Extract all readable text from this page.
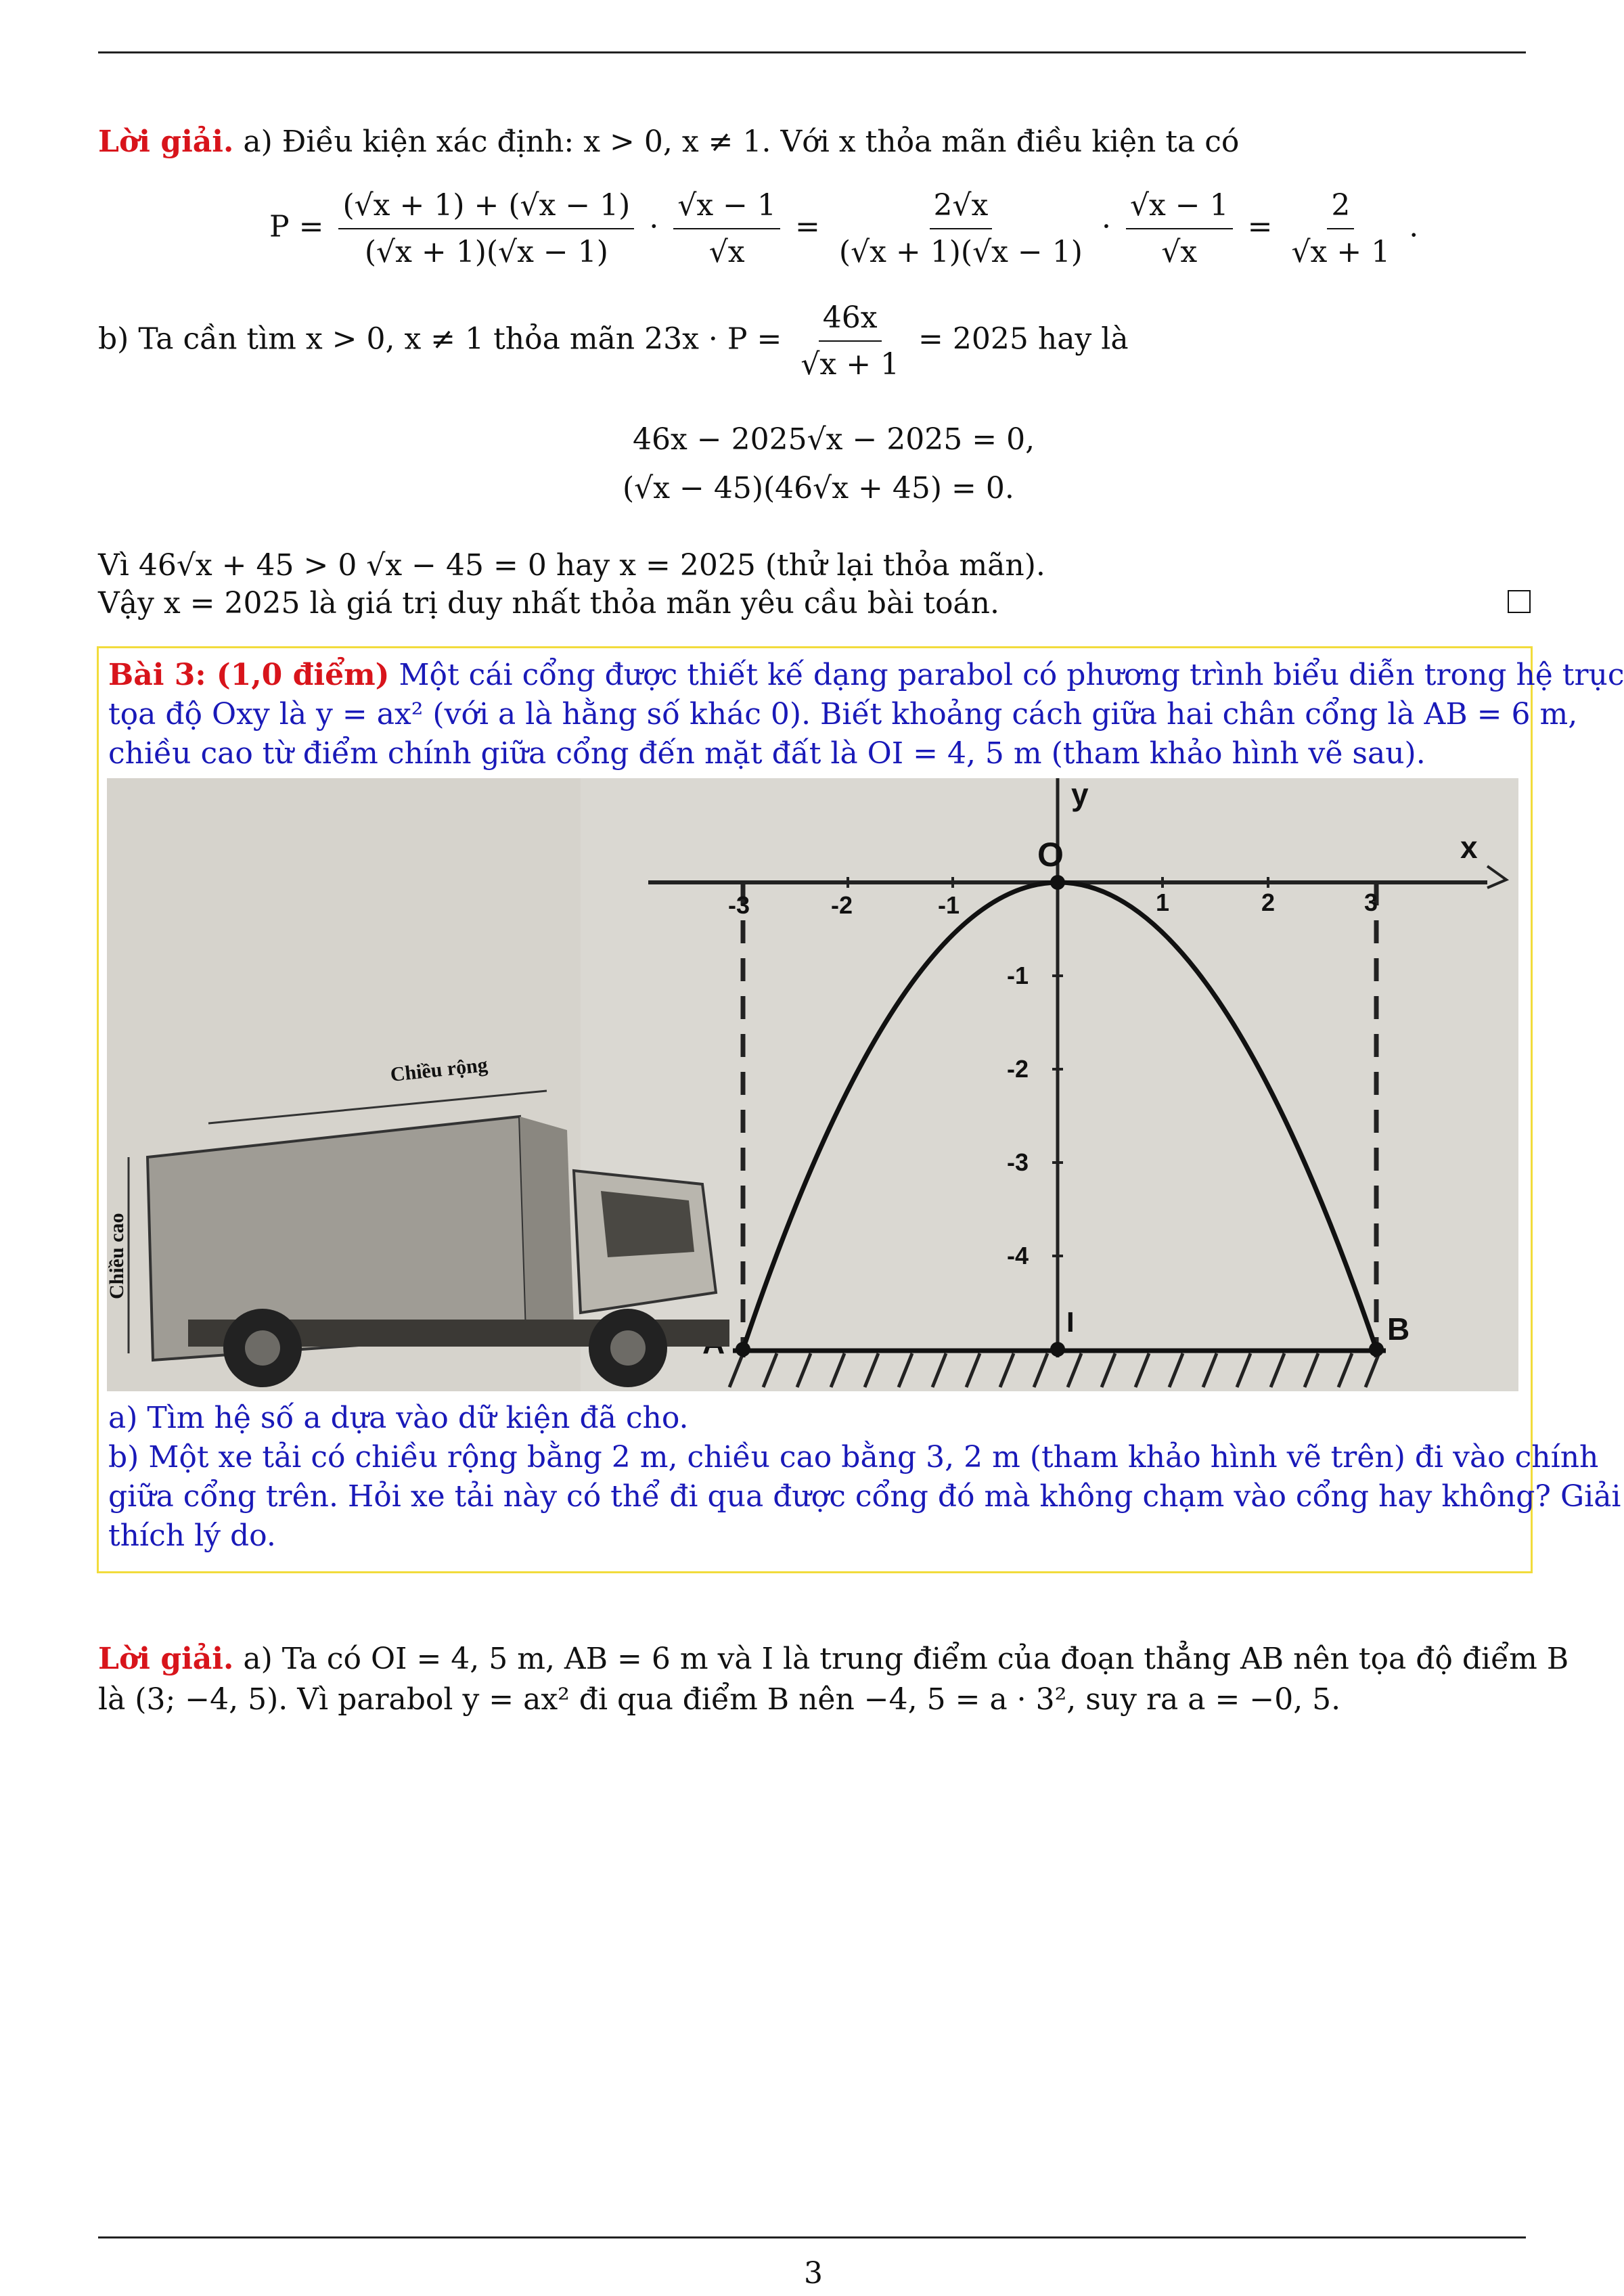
Lời giải. a) Điều kiện xác định: x > 0, x ≠ 1. Với x thỏa mãn điều kiện ta có
$P = \frac{(√x + 1) + (√x - 1)}{(√x + 1)(√x - 1)} \cdot \frac{√x - 1}{√x} = \frac{2√x}{(√x + 1)(√x - 1)} \cdot \frac{√x - 1}{√x} = \frac{2}{√x + 1}$ .
b) Ta cần tìm x > 0, x ≠ 1 thỏa mãn $23x \cdot P = \frac{46x}{√x + 1} = 2025$ hay là
46x − 2025√x − 2025 = 0,
(√x − 45)(46√x + 45) = 0.
Vì 46√x + 45 > 0 √x − 45 = 0 hay x = 2025 (thử lại thỏa mãn).
Vậy x = 2025 là giá trị duy nhất thỏa mãn yêu cầu bài toán.
Bài 3: (1,0 điểm) Một cái cổng được thiết kế dạng parabol có phương trình biểu diễn trong hệ trục
tọa độ Oxy là y = ax² (với a là hằng số khác 0). Biết khoảng cách giữa hai chân cổng là AB = 6 m,
chiều cao từ điểm chính giữa cổng đến mặt đất là OI = 4, 5 m (tham khảo hình vẽ sau).
y
x
O
-3	-2	-1	1	2	3
-1
-2
-3
-4
B
I
Chiều rộng
Chiều cao
a) Tìm hệ số a dựa vào dữ kiện đã cho.
b) Một xe tải có chiều rộng bằng 2 m, chiều cao bằng 3, 2 m (tham khảo hình vẽ trên) đi vào chính
giữa cổng trên. Hỏi xe tải này có thể đi qua được cổng đó mà không chạm vào cổng hay không? Giải
thích lý do.
Lời giải. a) Ta có OI = 4, 5 m, AB = 6 m và I là trung điểm của đoạn thẳng AB nên tọa độ điểm B
là (3; −4, 5). Vì parabol y = ax² đi qua điểm B nên −4, 5 = a · 3², suy ra a = −0, 5.
3
